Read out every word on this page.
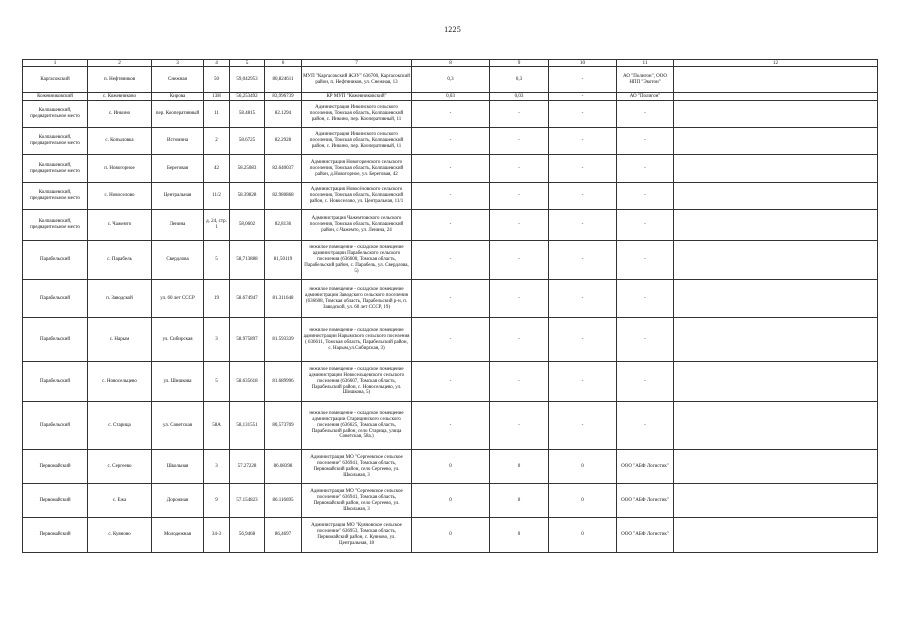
1225
1	2	3	4	5	6	7	8	9	10	11	12
Каргасокский	п. Нефтяников	Снежная	50	59,042953	80,824611	МУП "Каргасокский ЖЭУ" 636700, Каргасокский район, п. Нефтяников, ул. Снежная, 13	0,3	0,3	-	АО "Полигон", ООО НПП "Экотон"	
Кожевниковский	с. Кожевниково	Кирова	13Н	56,253492	83,996739	КР МУП "Кожевниковский"	0,03	0,03	-	АО "Полигон"	
Колпашевский, предварительное место	с. Инкино	пер. Кооперативный	11	58.4815	82.1294	Администрация Инкинского сельского поселения, Томская область, Колпашевский район, с. Инкино, пер. Кооперативный, 11	-	-	-	-	
Колпашевский, предварительное место	с. Копыловка	Истомина	2	58.6725	82.2928	Администрация Инкинского сельского поселения, Томская область, Колпашевский район, с. Инкино, пер. Кооперативный, 11	-	-	-	-	
Колпашевский, предварительное место	п. Новогорное	Береговая	42	58.25083	82.640037	Администрация Новогоренского сельского поселения, Томская область, Колпашевский район, д.Новогорное, ул. Береговая, 42	-	-	-	-	
Колпашевский, предварительное место	с. Новоселово	Центральная	11/2	58.39828	82.980868	Администрация Новосёловского сельского поселения, Томская область, Колпашевский район, с. Новоселово, ул. Центральная, 11/1	-	-	-	-	
Колпашевский, предварительное место	с. Чажемто	Ленина	д. 24, стр. 1	58,0602	82,8136	Администрация Чажемтовского сельского поселения, Томская область, Колпашевский район, с.Чажемто, ул. Ленина, 24	-	-	-	-	
Парабельский	с. Парабель	Свердлова	5	58,713888	81,50119	нежилое помещение - складское помещение администрации Парабельского сельского поселения (636600, Томская область, Парабельский район, с. Парабель, ул. Свердлова, 5)	-	-	-	-	
Парабельский	п. Заводской	ул. 60 лет СССР	19	58.674947	81.311648	нежилое помещение - складское помещение администрации Заводского сельского поселения (636608, Томская область, Парабельский р-н, п. Заводской, ул. 60 лет СССР, 19)	-	-	-	-	
Парабельский	с. Нарым	ул. Сибирская	3	58.975897	81.593339	нежилое помещение - складское помещение администрации Нарымского сельского поселения ( 636611, Томская область, Парабельский район, с. Нарым,ул.Сибирская, 3)	-	-	-	-	
Парабельский	с. Новосельцево	ул. Шишкова	5	58.635618	81.689996	нежилое помещение - складское помещение администрации Новосельцевского сельского поселения (636607, Томская область, Парабельский район, с. Новосельцево, ул. Шишкова, 5)	-	-	-	-	
Парабельский	с. Старица	ул. Советская	58А	58,131551	80,573709	нежилое помещение - складское помещение администрации Старицинского сельского поселения (636625, Томская область, Парабельский район, село Старица, улица Советская, 58а.)	-	-	-	-	
Первомайский	с. Сергеево	Школьная	3	57.27228	86.08398	Администрация МО "Сергеевское сельское поселение" 636941, Томская область, Первомайский район, село Сергеево, ул. Школьная, 3	0	0	0	ООО "АБФ Логистик"	
Первомайский	с. Ежа	Дорожная	9	57.154823	86.116695	Администрация МО "Сергеевское сельское поселение" 636941, Томская область, Первомайский район, село Сергеево, ул. Школьная, 3	0	0	0	ООО "АБФ Логистик"	
Первомайский	с. Куяново	Молодежная	34-3	56,9468	86,4697	Администрация МО "Куяновское сельское поселение" 636953, Томская область, Первомайский район, с. Куяново, ул. Центральная, 18	0	0	0	ООО "АБФ Логистик"	
